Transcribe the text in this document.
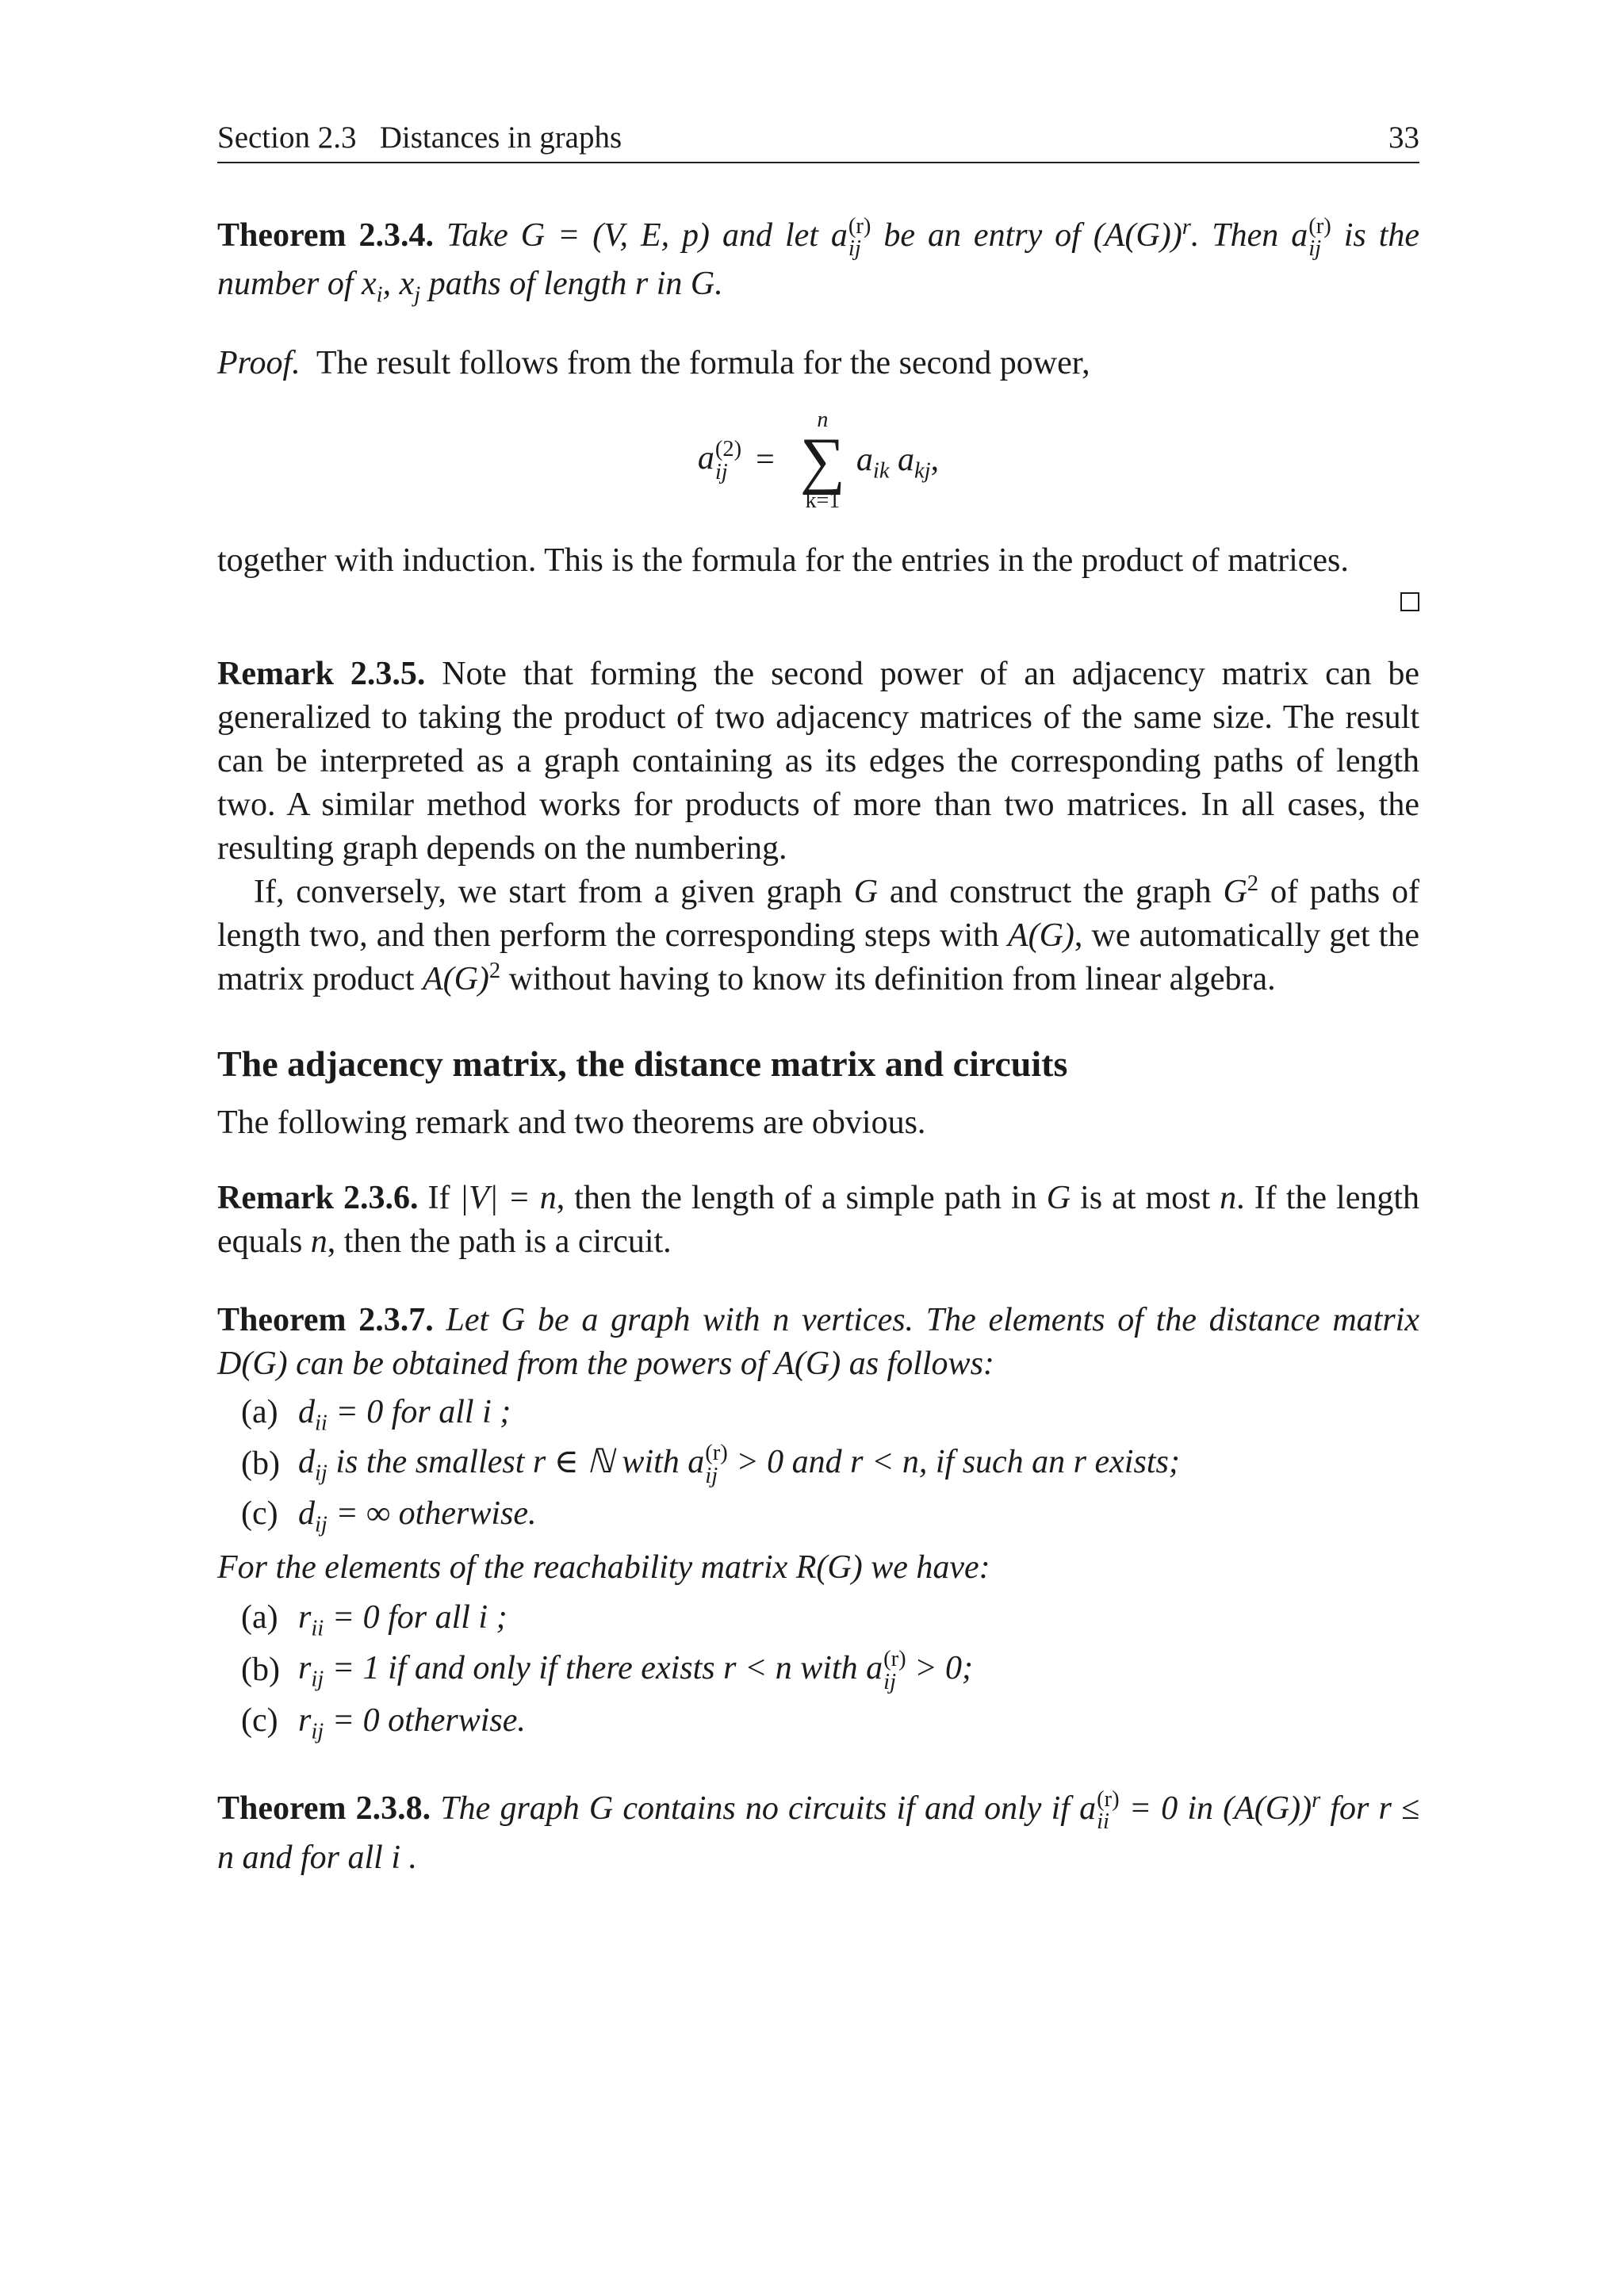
Section 2.3 Distances in graphs	33

Theorem 2.3.4. Take G = (V, E, p) and let a (r)
ij be an entry of $(A(G))^r$. Then a (r)
ij is the number of $x_i$, $x_j$ paths of length r in G.

Proof. The result follows from the formula for the second power,

a (2)
ij =
n
∑
k=1
$a_{ik}$ $a_{kj}$,

together with induction. This is the formula for the entries in the product of matrices.

Remark 2.3.5. Note that forming the second power of an adjacency matrix can be generalized to taking the product of two adjacency matrices of the same size. The result can be interpreted as a graph containing as its edges the corresponding paths of length two. A similar method works for products of more than two matrices. In all cases, the resulting graph depends on the numbering.

If, conversely, we start from a given graph G and construct the graph $G^2$ of paths of length two, and then perform the corresponding steps with A(G), we automatically get the matrix product $A(G)^2$ without having to know its definition from linear algebra.

The adjacency matrix, the distance matrix and circuits

The following remark and two theorems are obvious.

Remark 2.3.6. If |V| = n, then the length of a simple path in G is at most n. If the length equals n, then the path is a circuit.

Theorem 2.3.7. Let G be a graph with n vertices. The elements of the distance matrix D(G) can be obtained from the powers of A(G) as follows:

(a) $d_{ii} = 0$ for all i ;
(b) $d_{ij}$ is the smallest r ∈ ℕ with a (r)
ij > 0 and r < n, if such an r exists;
(c) $d_{ij}$ = ∞ otherwise.

For the elements of the reachability matrix R(G) we have:

(a) $r_{ii} = 0$ for all i ;
(b) $r_{ij} = 1$ if and only if there exists r < n with a (r)
ij > 0;
(c) $r_{ij} = 0$ otherwise.

Theorem 2.3.8. The graph G contains no circuits if and only if a (r)
ii = 0 in $(A(G))^r$ for r ≤ n and for all i .
